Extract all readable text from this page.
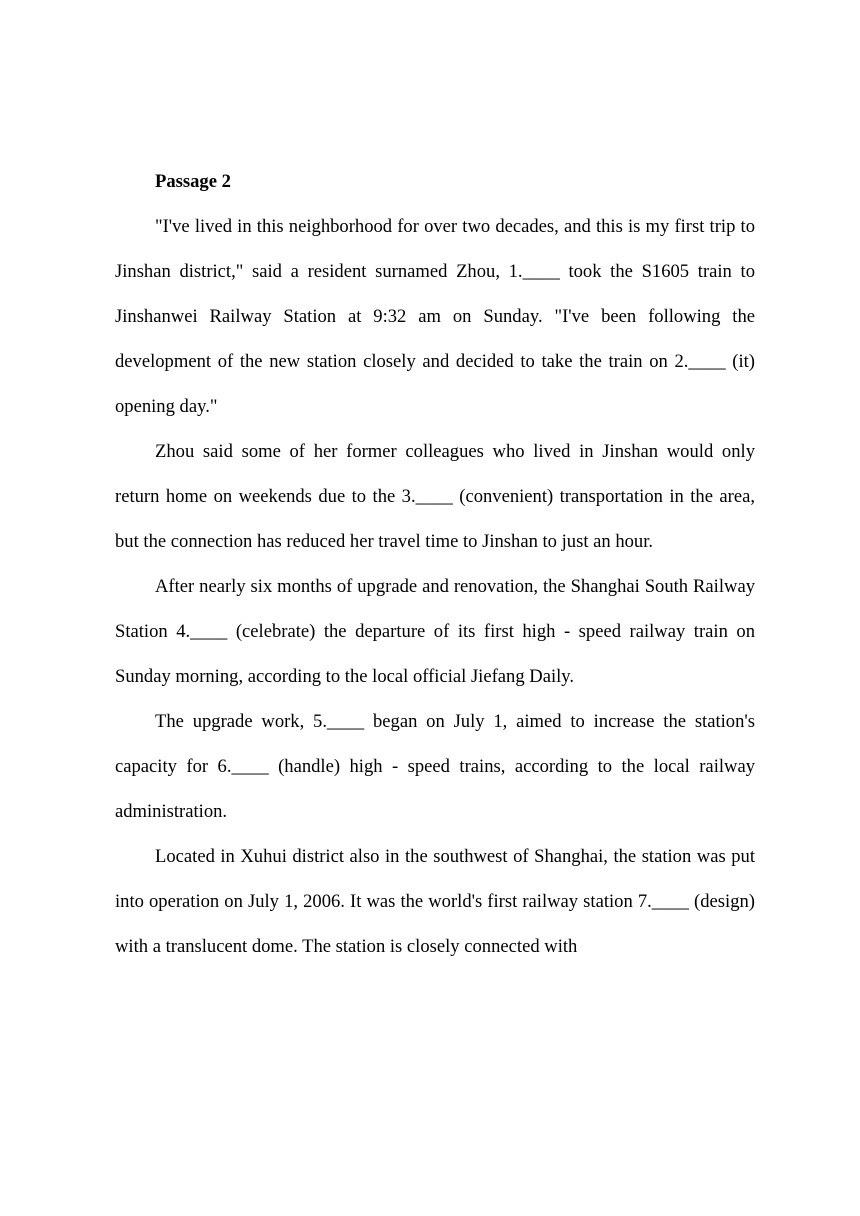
Passage 2

"I've lived in this neighborhood for over two decades, and this is my first trip to Jinshan district," said a resident surnamed Zhou, 1.____ took the S1605 train to Jinshanwei Railway Station at 9:32 am on Sunday. "I've been following the development of the new station closely and decided to take the train on 2.____ (it) opening day."

Zhou said some of her former colleagues who lived in Jinshan would only return home on weekends due to the 3.____ (convenient) transportation in the area, but the connection has reduced her travel time to Jinshan to just an hour.

After nearly six months of upgrade and renovation, the Shanghai South Railway Station 4.____ (celebrate) the departure of its first high - speed railway train on Sunday morning, according to the local official Jiefang Daily.

The upgrade work, 5.____ began on July 1, aimed to increase the station's capacity for 6.____ (handle) high - speed trains, according to the local railway administration.

Located in Xuhui district also in the southwest of Shanghai, the station was put into operation on July 1, 2006. It was the world's first railway station 7.____ (design) with a translucent dome. The station is closely connected with
